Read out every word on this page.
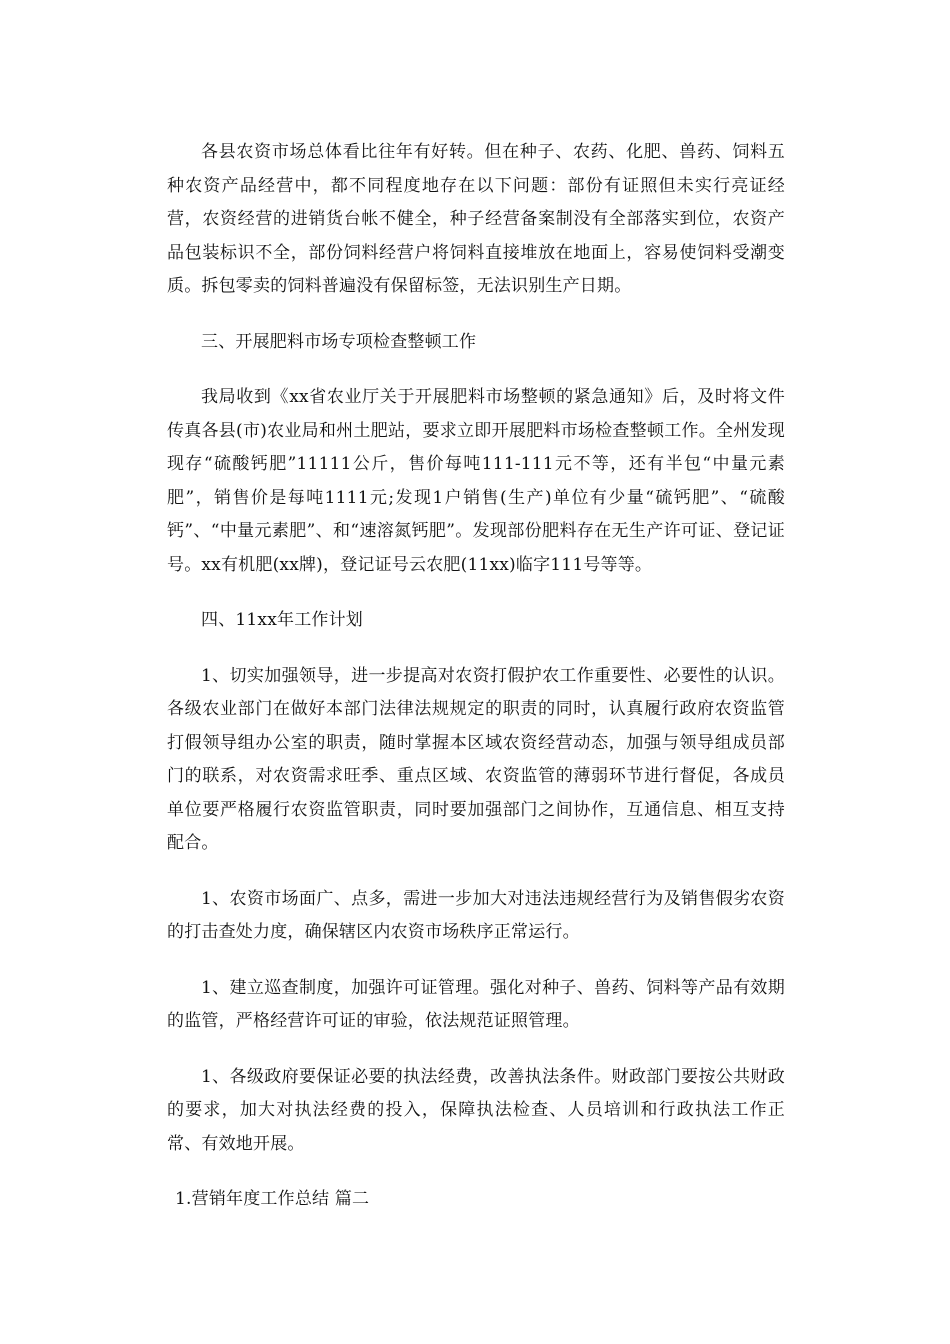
各县农资市场总体看比往年有好转。但在种子、农药、化肥、兽药、饲料五种农资产品经营中，都不同程度地存在以下问题：部份有证照但未实行亮证经营，农资经营的进销货台帐不健全，种子经营备案制没有全部落实到位，农资产品包装标识不全，部份饲料经营户将饲料直接堆放在地面上，容易使饲料受潮变质。拆包零卖的饲料普遍没有保留标签，无法识别生产日期。

三、开展肥料市场专项检查整顿工作

我局收到《xx省农业厅关于开展肥料市场整顿的紧急通知》后，及时将文件传真各县(市)农业局和州土肥站，要求立即开展肥料市场检查整顿工作。全州发现现存“硫酸钙肥”11111公斤，售价每吨111-111元不等，还有半包“中量元素肥”，销售价是每吨1111元;发现1户销售(生产)单位有少量“硫钙肥”、“硫酸钙”、“中量元素肥”、和“速溶氮钙肥”。发现部份肥料存在无生产许可证、登记证号。xx有机肥(xx牌)，登记证号云农肥(11xx)临字111号等等。

四、11xx年工作计划

1、切实加强领导，进一步提高对农资打假护农工作重要性、必要性的认识。各级农业部门在做好本部门法律法规规定的职责的同时，认真履行政府农资监管打假领导组办公室的职责，随时掌握本区域农资经营动态，加强与领导组成员部门的联系，对农资需求旺季、重点区域、农资监管的薄弱环节进行督促，各成员单位要严格履行农资监管职责，同时要加强部门之间协作，互通信息、相互支持配合。

1、农资市场面广、点多，需进一步加大对违法违规经营行为及销售假劣农资的打击查处力度，确保辖区内农资市场秩序正常运行。

1、建立巡查制度，加强许可证管理。强化对种子、兽药、饲料等产品有效期的监管，严格经营许可证的审验，依法规范证照管理。

1、各级政府要保证必要的执法经费，改善执法条件。财政部门要按公共财政的要求，加大对执法经费的投入，保障执法检查、人员培训和行政执法工作正常、有效地开展。

1.营销年度工作总结 篇二
